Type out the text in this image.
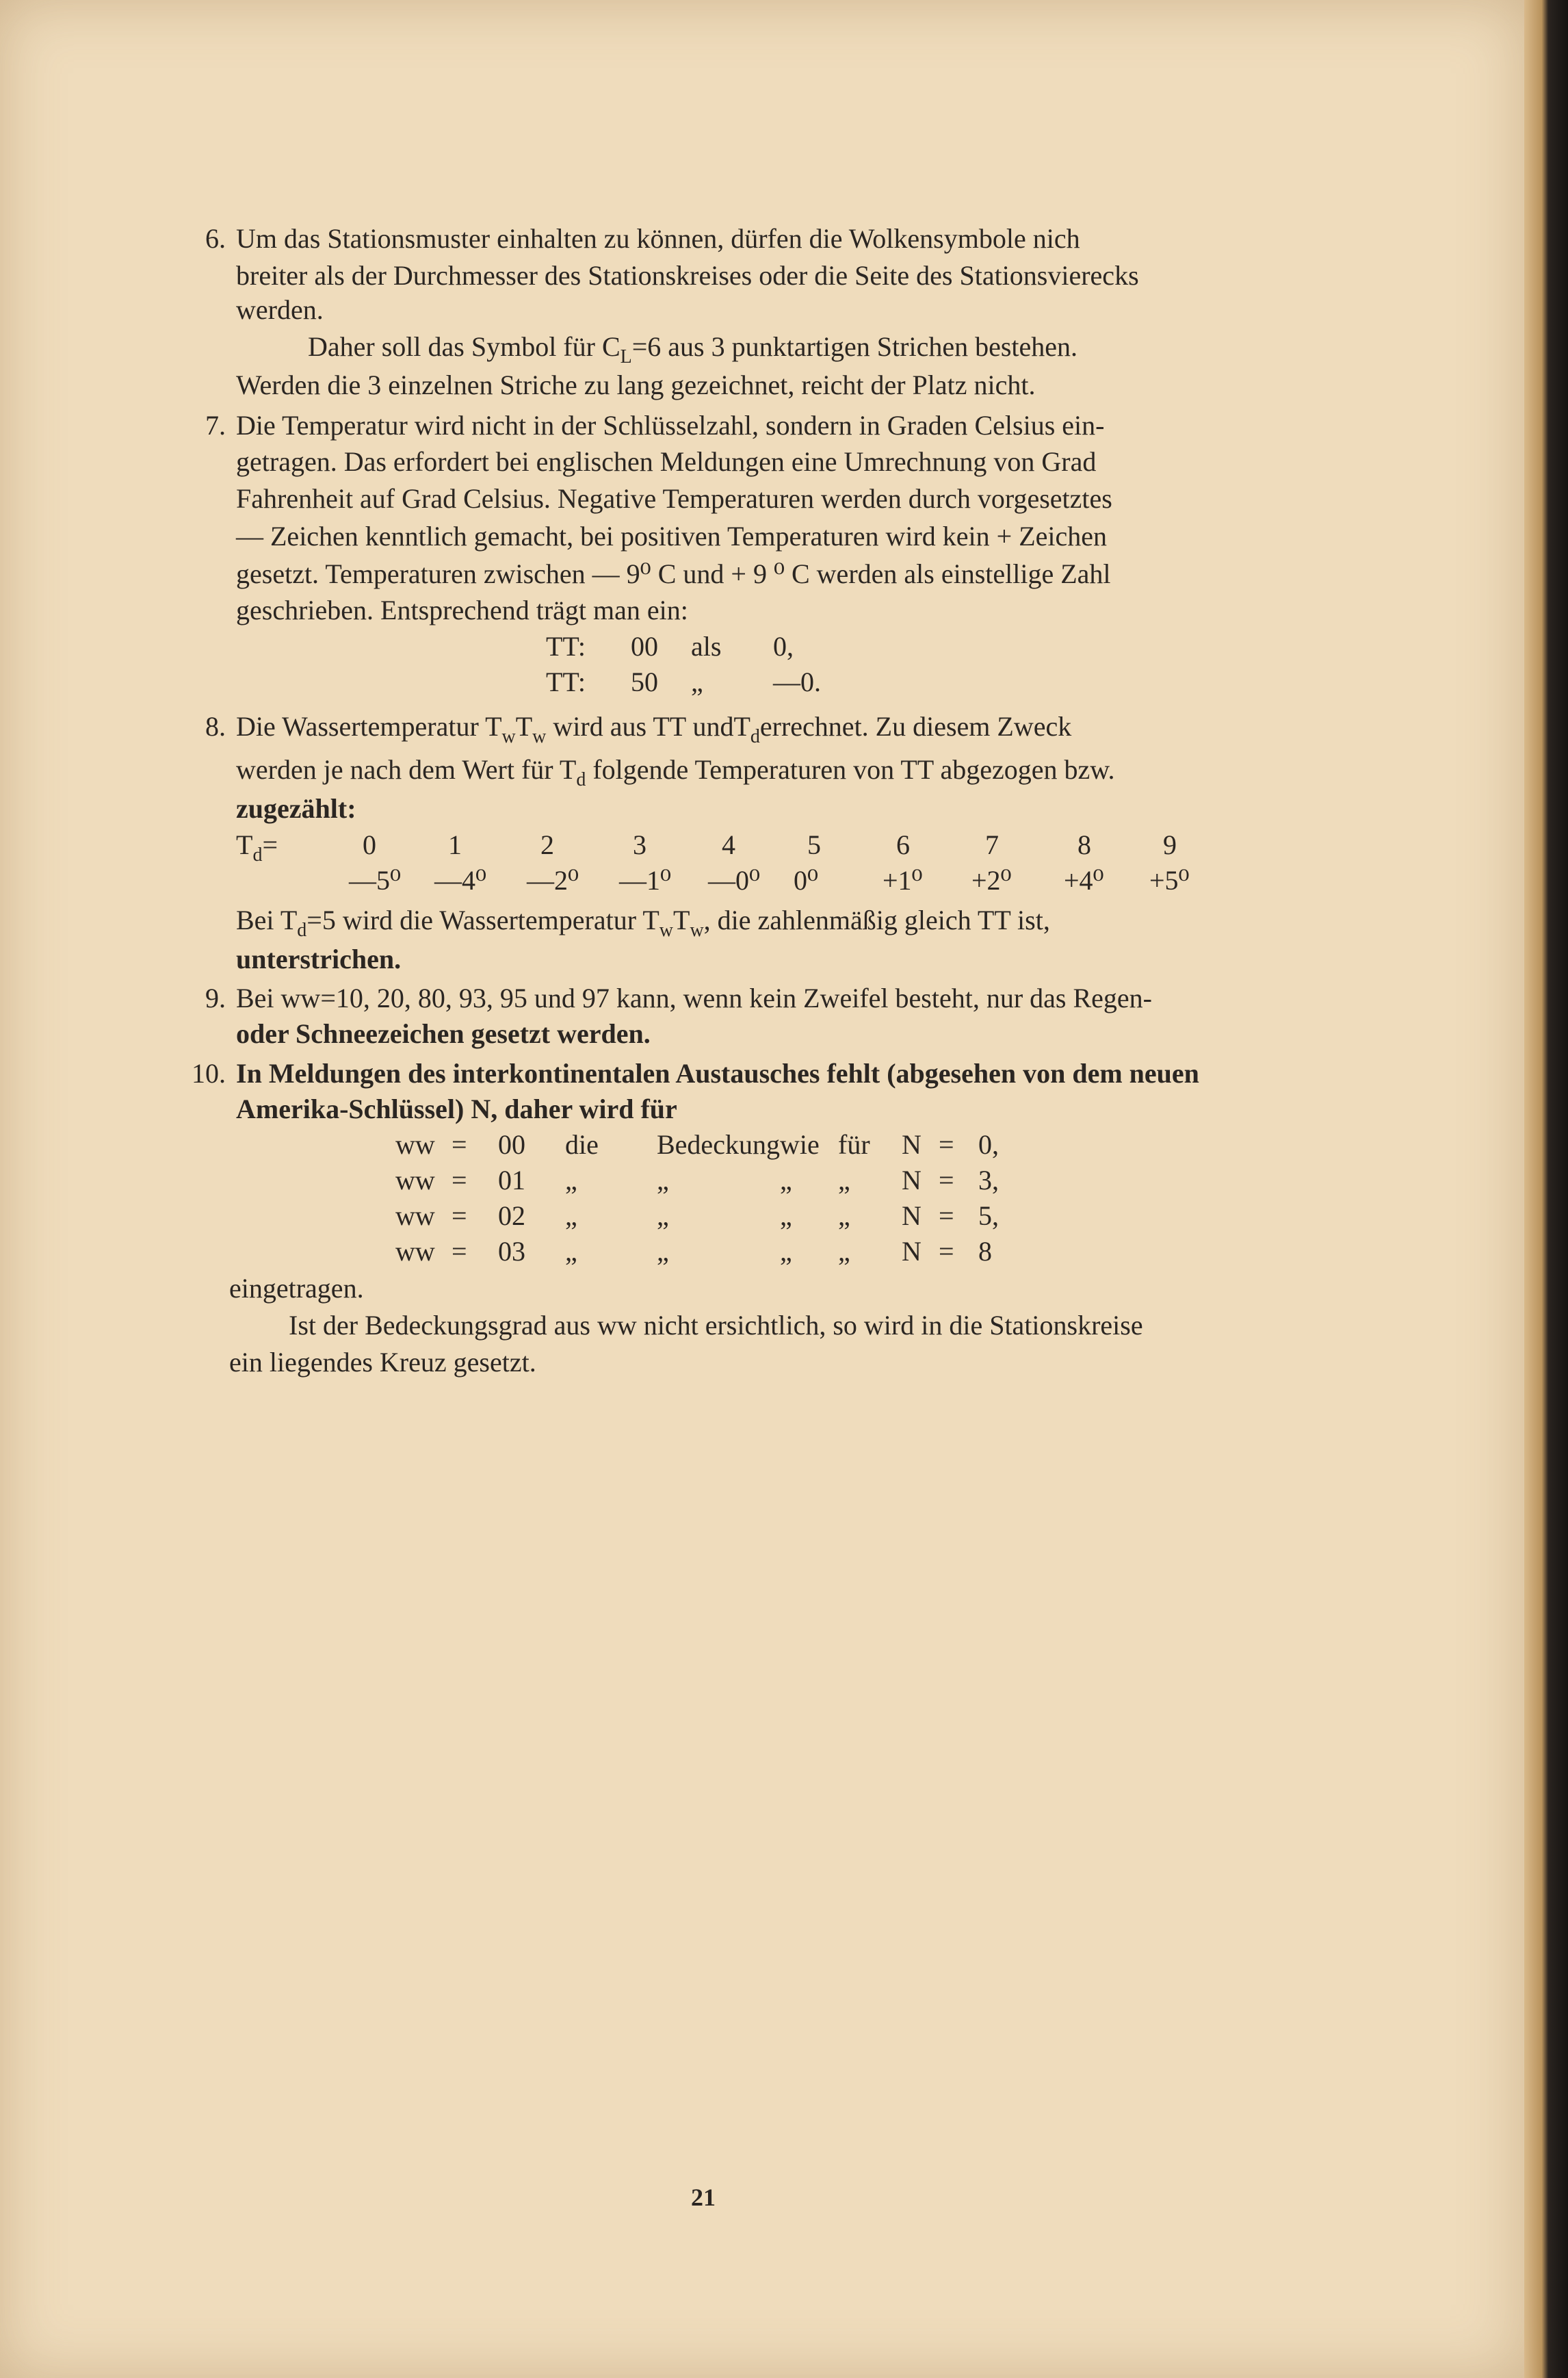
6. Um das Stationsmuster einhalten zu können, dürfen die Wolkensymbole nich
breiter als der Durchmesser des Stationskreises oder die Seite des Stationsvierecks
werden.
Daher soll das Symbol für $C_L=6$ aus 3 punktartigen Strichen bestehen.
Werden die 3 einzelnen Striche zu lang gezeichnet, reicht der Platz nicht.
7. Die Temperatur wird nicht in der Schlüsselzahl, sondern in Graden Celsius ein-
getragen. Das erfordert bei englischen Meldungen eine Umrechnung von Grad
Fahrenheit auf Grad Celsius. Negative Temperaturen werden durch vorgesetztes
— Zeichen kenntlich gemacht, bei positiven Temperaturen wird kein + Zeichen
gesetzt. Temperaturen zwischen — 9⁰ C und + 9 ⁰ C werden als einstellige Zahl
geschrieben. Entsprechend trägt man ein:
TT: 00 als 0,
TT: 50 „	—0.
8. Die Wassertemperatur $T_wT_w$ wird aus TT undT$_d$errechnet. Zu diesem Zweck
werden je nach dem Wert für $T_d$ folgende Temperaturen von TT abgezogen bzw.
zugezählt:
$T_d=$	0	1	2	3	4	5	6	7	8	9
—5⁰ —4⁰ —2⁰ —1⁰ —0⁰ 0⁰ +1⁰ +2⁰ +4⁰ +5⁰
Bei $T_d=5$ wird die Wassertemperatur $T_wT_w$, die zahlenmäßig gleich TT ist,
unterstrichen.
9. Bei ww=10, 20, 80, 93, 95 und 97 kann, wenn kein Zweifel besteht, nur das Regen-
oder Schneezeichen gesetzt werden.
10. In Meldungen des interkontinentalen Austausches fehlt (abgesehen von dem neuen
Amerika-Schlüssel) N, daher wird für
ww = 00 die Bedeckung wie für N = 0,
ww = 01 „	„	„ „ N = 3,
ww = 02 „	„	„ „ N = 5,
ww = 03 „	„	„ „ N = 8
eingetragen.
Ist der Bedeckungsgrad aus ww nicht ersichtlich, so wird in die Stationskreise
ein liegendes Kreuz gesetzt.
21
